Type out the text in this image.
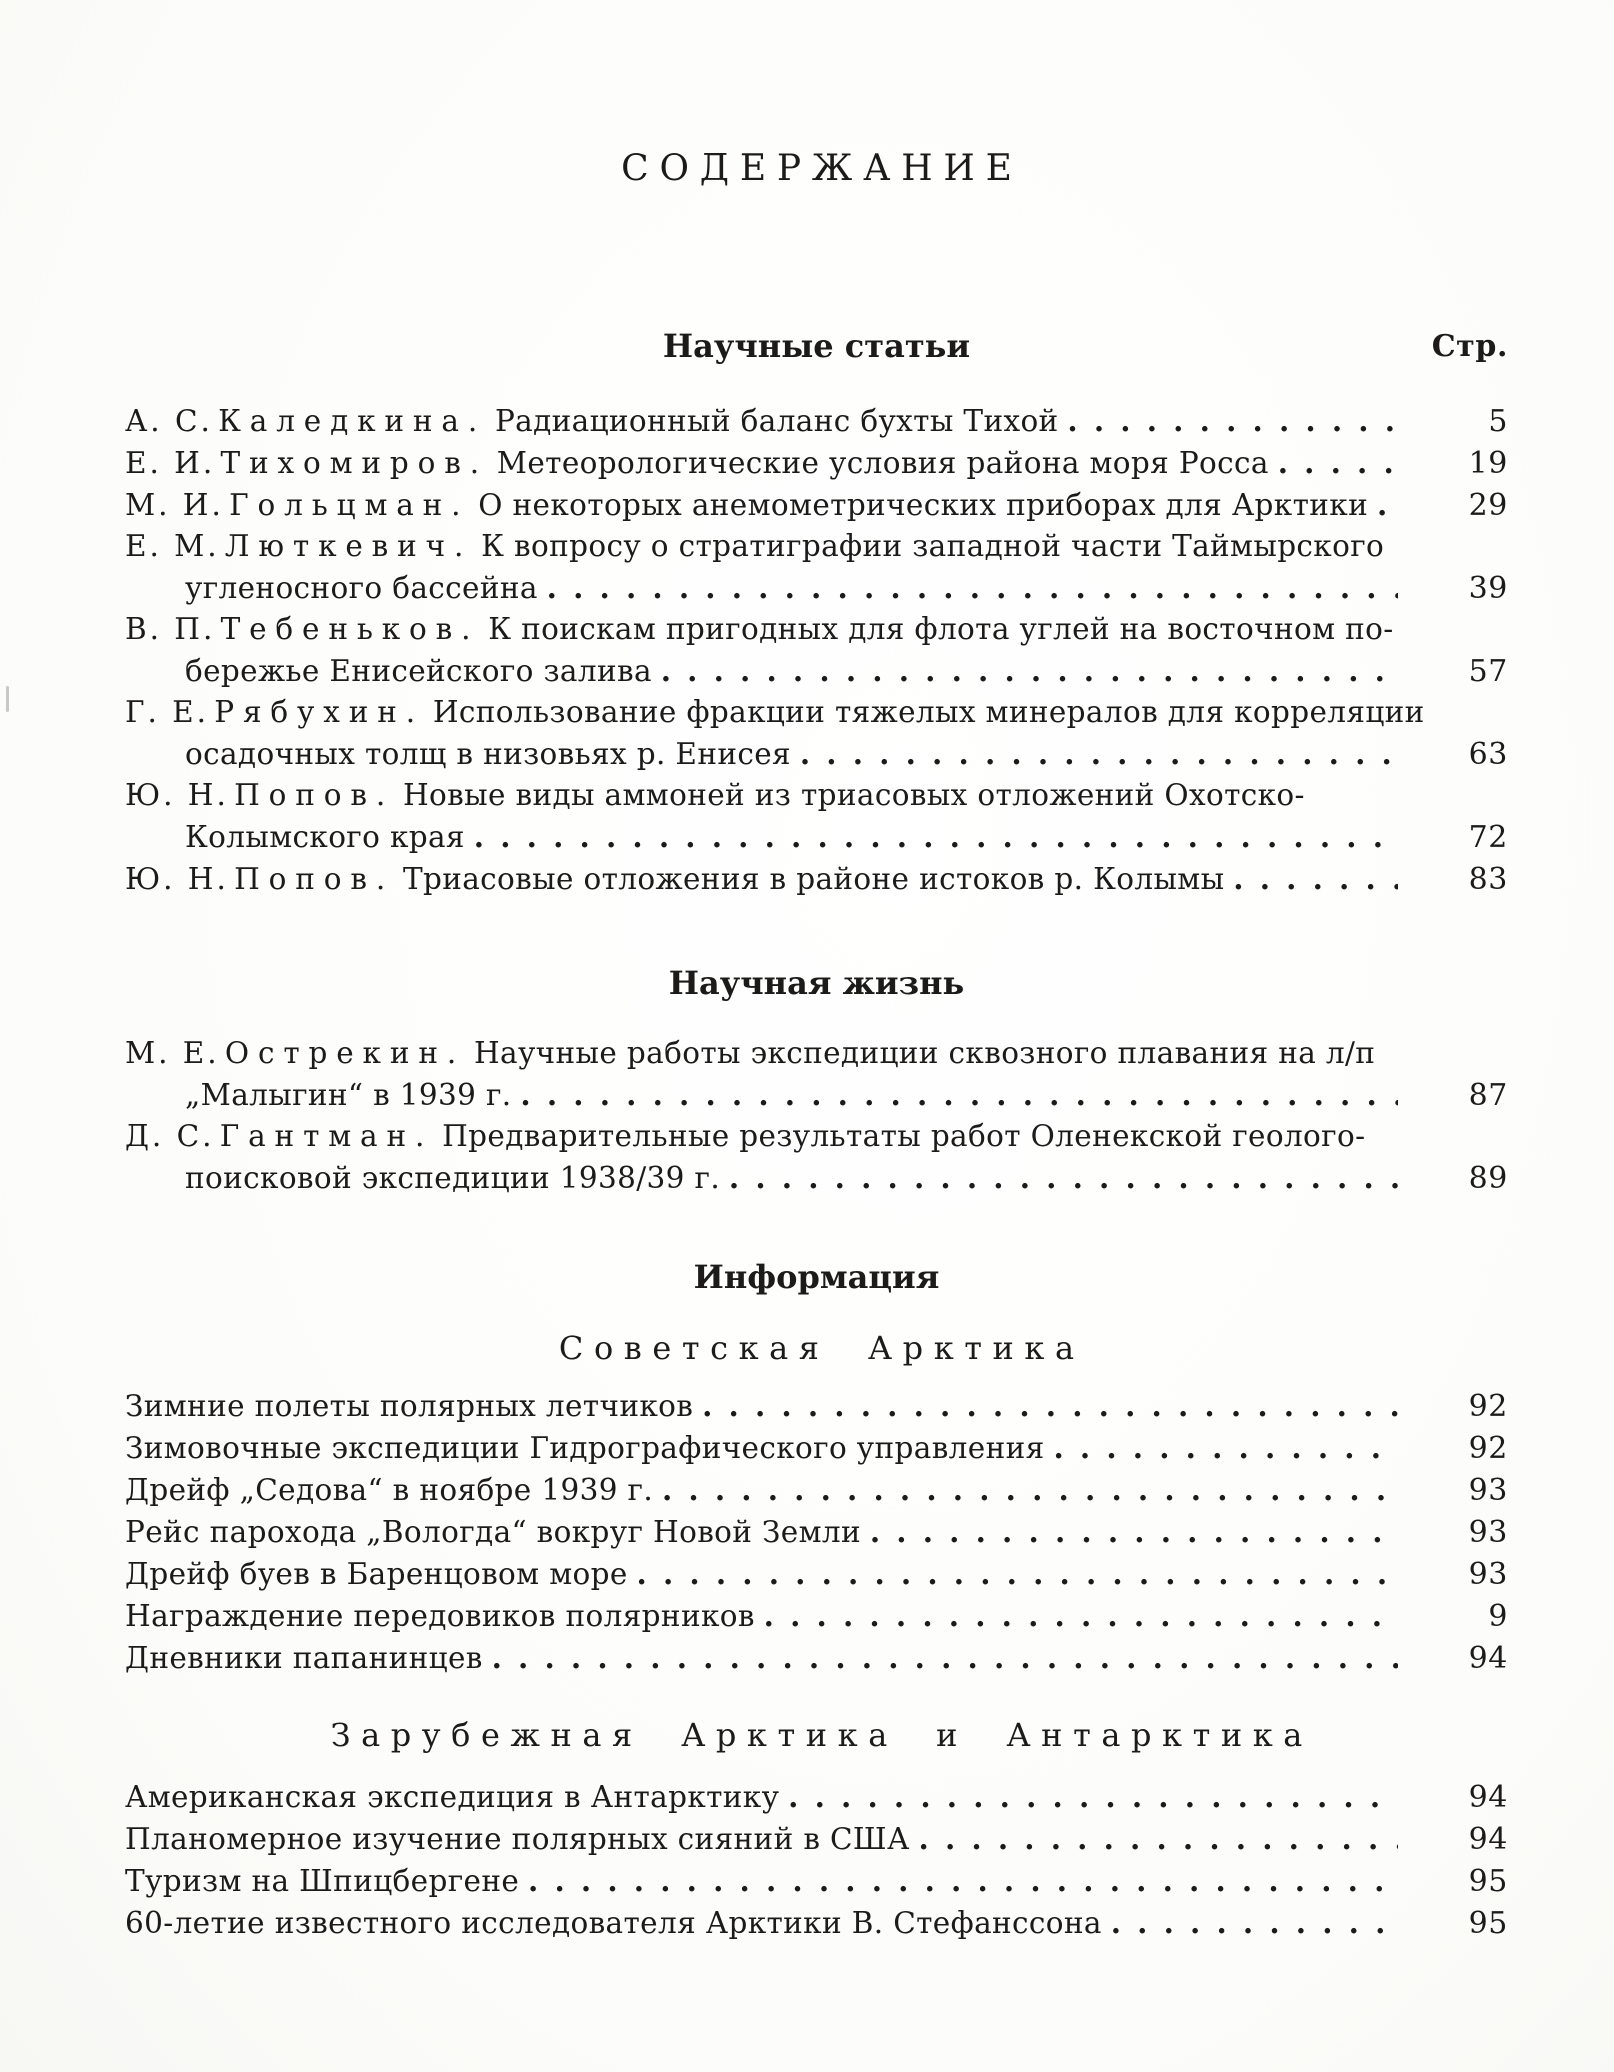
СОДЕРЖАНИЕ
Научные статьи	Стр.
А. С. Каледкина. Радиационный баланс бухты Тихой . . .	5
Е. И. Тихомиров. Метеорологические условия района моря Росса . . .	19
М. И. Гольцман. О некоторых анемометрических приборах для Арктики . . .	29
Е. М. Люткевич. К вопросу о стратиграфии западной части Таймырского
угленосного бассейна . . .	39
В. П. Тебеньков. К поискам пригодных для флота углей на восточном по-
бережье Енисейского залива . . .	57
Г. Е. Рябухин. Использование фракции тяжелых минералов для корреляции
осадочных толщ в низовьях р. Енисея . . .	63
Ю. Н. Попов. Новые виды аммоней из триасовых отложений Охотско-
Колымского края . . .	72
Ю. Н. Попов. Триасовые отложения в районе истоков р. Колымы . . .	83
Научная жизнь
М. Е. Острекин. Научные работы экспедиции сквозного плавания на л/п
„Малыгин“ в 1939 г. . . .	87
Д. С. Гантман. Предварительные результаты работ Оленекской геолого-
поисковой экспедиции 1938/39 г. . . .	89
Информация
Советская Арктика
Зимние полеты полярных летчиков . . .	92
Зимовочные экспедиции Гидрографического управления . . .	92
Дрейф „Седова“ в ноябре 1939 г. . . .	93
Рейс парохода „Вологда“ вокруг Новой Земли . . .	93
Дрейф буев в Баренцовом море . . .	93
Награждение передовиков полярников . . .	9
Дневники папанинцев . . .	94
Зарубежная Арктика и Антарктика
Американская экспедиция в Антарктику . . .	94
Планомерное изучение полярных сияний в США . . .	94
Туризм на Шпицбергене . . .	95
60-летие известного исследователя Арктики В. Стефанссона . . .	95
